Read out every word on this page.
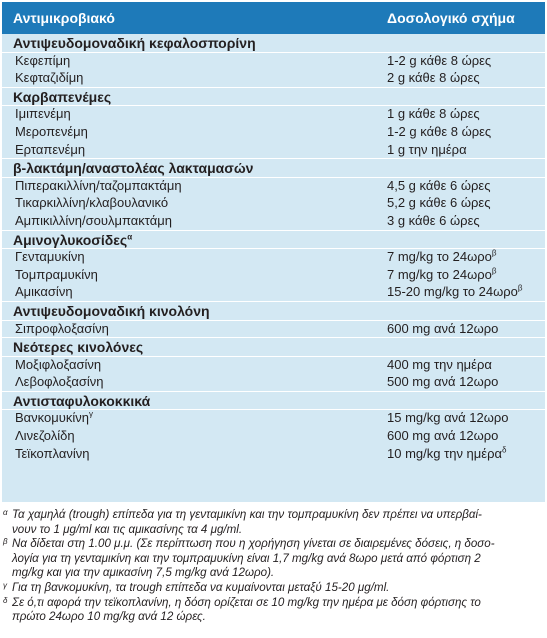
Αντιμικροβιακό	Δοσολογικό σχήμα
Αντιψευδομοναδική κεφαλοσπορίνη
Κεφεπίμη	1-2 g κάθε 8 ώρες
Κεφταζιδίμη	2 g κάθε 8 ώρες
Καρβαπενέμες
Ιμιπενέμη	1 g κάθε 8 ώρες
Μεροπενέμη	1-2 g κάθε 8 ώρες
Ερταπενέμη	1 g την ημέρα
β-λακτάμη/αναστολέας λακταμασών
Πιπερακιλλίνη/ταζομπακτάμη	4,5 g κάθε 6 ώρες
Τικαρκιλλίνη/κλαβουλανικό	5,2 g κάθε 6 ώρες
Αμπικιλλίνη/σουλμπακτάμη	3 g κάθε 6 ώρες
Αμινογλυκοσίδες$^\alpha$
Γενταμυκίνη	7 mg/kg το 24ωρο$^\beta$
Τομπραμυκίνη	7 mg/kg το 24ωρο$^\beta$
Αμικασίνη	15-20 mg/kg το 24ωρο$^\beta$
Αντιψευδομοναδική κινολόνη
Σιπροφλοξασίνη	600 mg ανά 12ωρο
Νεότερες κινολόνες
Μοξιφλοξασίνη	400 mg την ημέρα
Λεβοφλοξασίνη	500 mg ανά 12ωρο
Αντισταφυλοκοκκικά
Βανκομυκίνη$^\gamma$	15 mg/kg ανά 12ωρο
Λινεζολίδη	600 mg ανά 12ωρο
Τεϊκοπλανίνη	10 mg/kg την ημέρα$^\delta$
α Τα χαμηλά (trough) επίπεδα για τη γενταμικίνη και την τομπραμυκίνη δεν πρέπει να υπερβαί-
νουν το 1 μg/ml και τις αμικασίνης τα 4 μg/ml.
β Να δίδεται στη 1.00 μ.μ. (Σε περίπτωση που η χορήγηση γίνεται σε διαιρεμένες δόσεις, η δοσο-
λογία για τη γενταμικίνη και την τομπραμυκίνη είναι 1,7 mg/kg ανά 8ωρο μετά από φόρτιση 2
mg/kg και για την αμικασίνη 7,5 mg/kg ανά 12ωρο).
γ Για τη βανκομυκίνη, τα trough επίπεδα να κυμαίνονται μεταξύ 15-20 μg/ml.
δ Σε ό,τι αφορά την τεϊκοπλανίνη, η δόση ορίζεται σε 10 mg/kg την ημέρα με δόση φόρτισης το
πρώτο 24ωρο 10 mg/kg ανά 12 ώρες.
